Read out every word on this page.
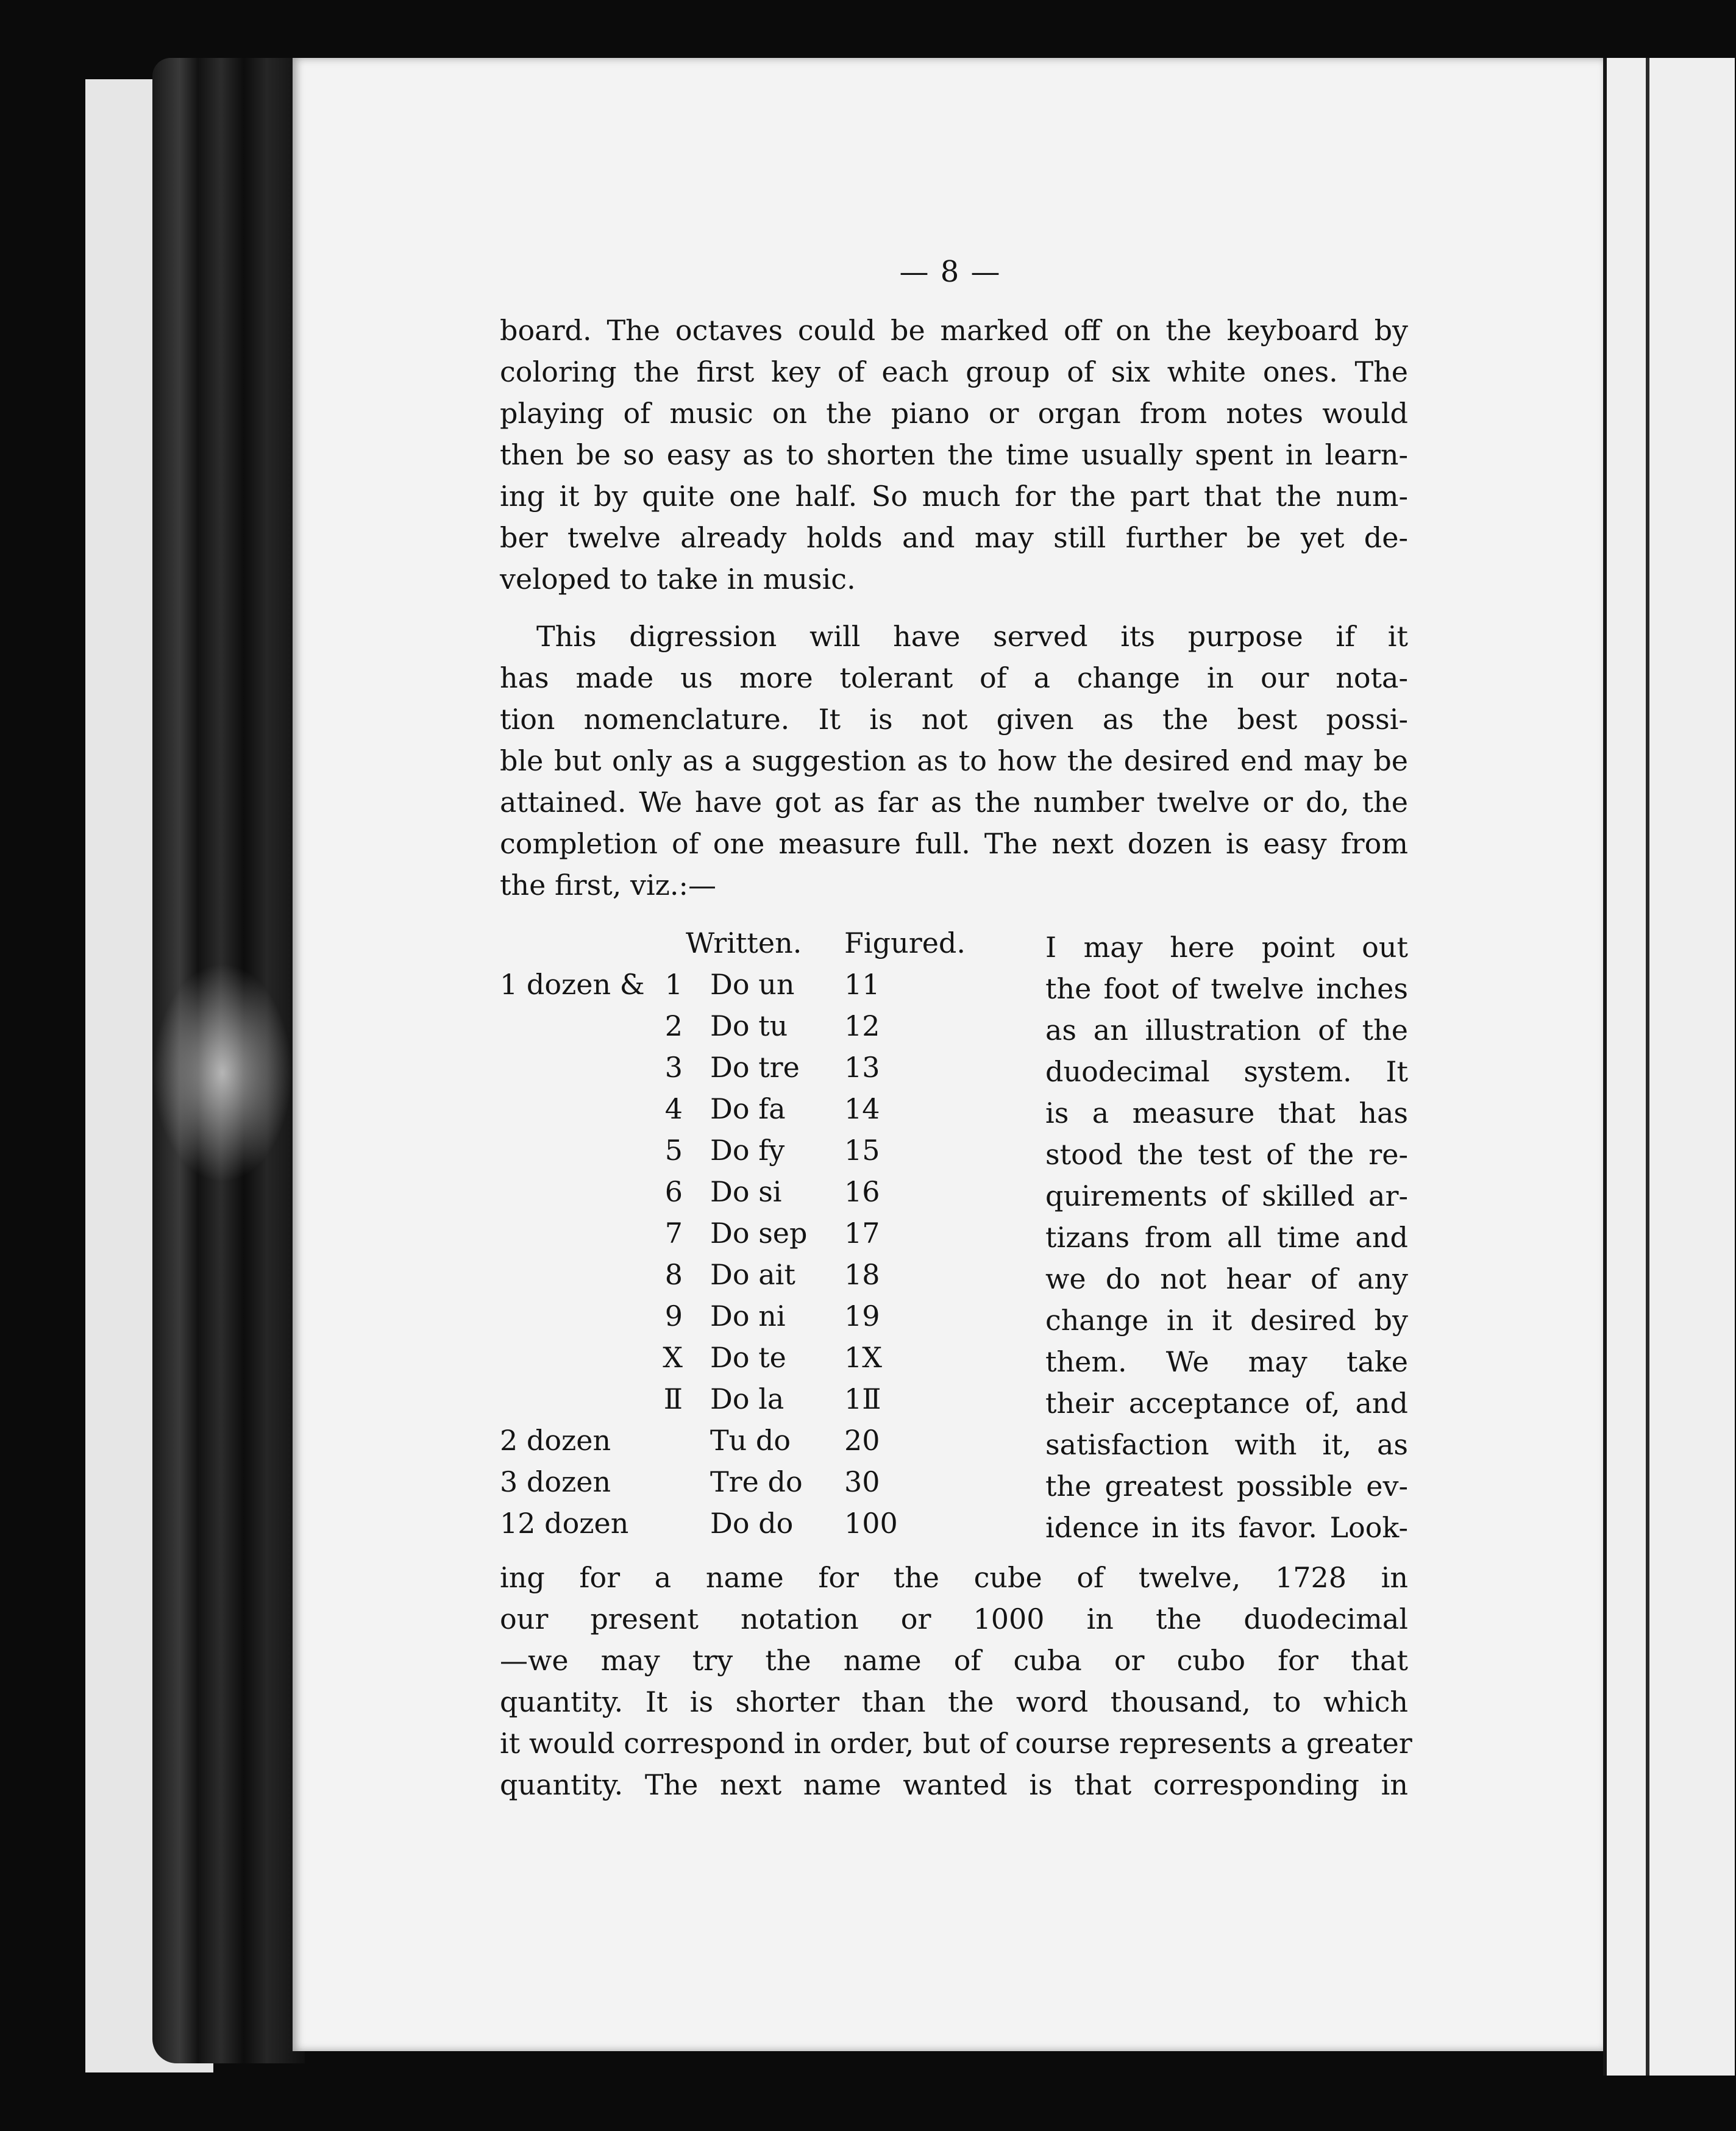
— 8 —
board. The octaves could be marked off on the keyboard by
coloring the first key of each group of six white ones. The
playing of music on the piano or organ from notes would
then be so easy as to shorten the time usually spent in learn-
ing it by quite one half. So much for the part that the num-
ber twelve already holds and may still further be yet de-
veloped to take in music.
This digression will have served its purpose if it
has made us more tolerant of a change in our nota-
tion nomenclature. It is not given as the best possi-
ble but only as a suggestion as to how the desired end may be
attained. We have got as far as the number twelve or do, the
completion of one measure full. The next dozen is easy from
the first, viz.:—
Written. Figured.
1 dozen & 1 Do un 11
2 Do tu 12
3 Do tre 13
4 Do fa 14
5 Do fy 15
6 Do si 16
7 Do sep 17
8 Do ait 18
9 Do ni 19
X Do te 1X
Ⅱ Do la 1Ⅱ
2 dozen	Tu do 20
3 dozen	Tre do 30
12 dozen	Do do 100
I may here point out
the foot of twelve inches
as an illustration of the
duodecimal system. It
is a measure that has
stood the test of the re-
quirements of skilled ar-
tizans from all time and
we do not hear of any
change in it desired by
them. We may take
their acceptance of, and
satisfaction with it, as
the greatest possible ev-
idence in its favor. Look-
ing for a name for the cube of twelve, 1728 in
our present notation or 1000 in the duodecimal
—we may try the name of cuba or cubo for that
quantity. It is shorter than the word thousand, to which
it would correspond in order, but of course represents a greater
quantity. The next name wanted is that corresponding in
